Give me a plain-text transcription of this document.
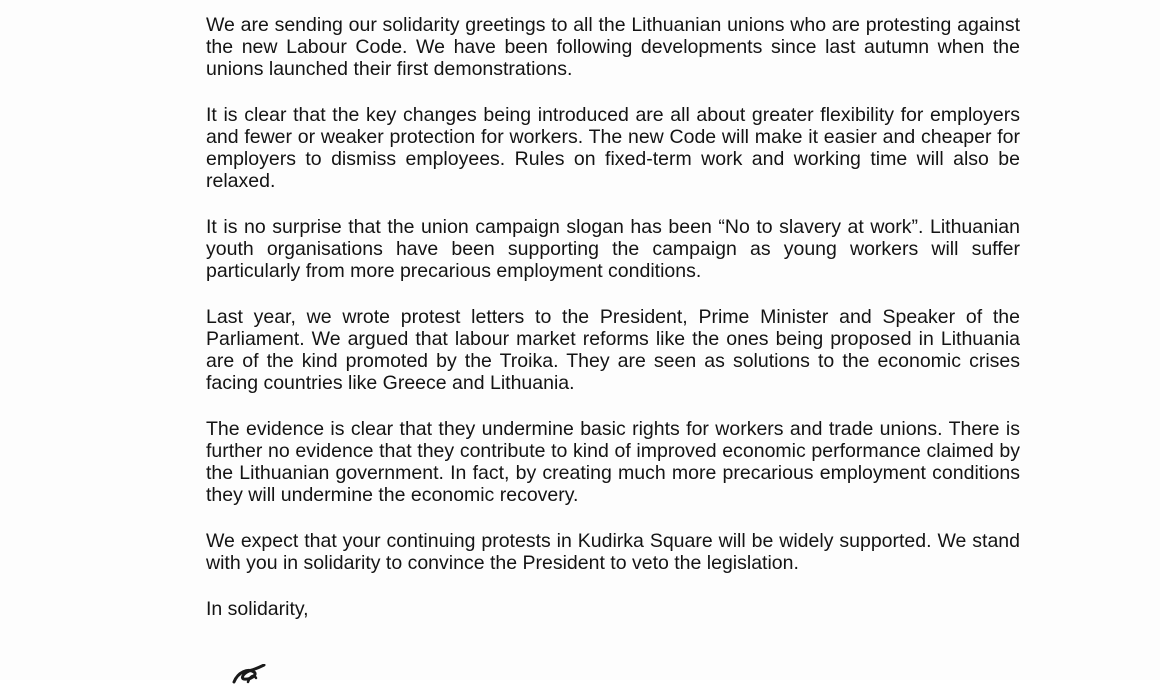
We are sending our solidarity greetings to all the Lithuanian unions who are protesting against the new Labour Code. We have been following developments since last autumn when the unions launched their first demonstrations.

It is clear that the key changes being introduced are all about greater flexibility for employers and fewer or weaker protection for workers. The new Code will make it easier and cheaper for employers to dismiss employees. Rules on fixed-term work and working time will also be relaxed.

It is no surprise that the union campaign slogan has been “No to slavery at work”. Lithuanian youth organisations have been supporting the campaign as young workers will suffer particularly from more precarious employment conditions.

Last year, we wrote protest letters to the President, Prime Minister and Speaker of the Parliament. We argued that labour market reforms like the ones being proposed in Lithuania are of the kind promoted by the Troika. They are seen as solutions to the economic crises facing countries like Greece and Lithuania.

The evidence is clear that they undermine basic rights for workers and trade unions. There is further no evidence that they contribute to kind of improved economic performance claimed by the Lithuanian government. In fact, by creating much more precarious employment conditions they will undermine the economic recovery.

We expect that your continuing protests in Kudirka Square will be widely supported. We stand with you in solidarity to convince the President to veto the legislation.

In solidarity,
